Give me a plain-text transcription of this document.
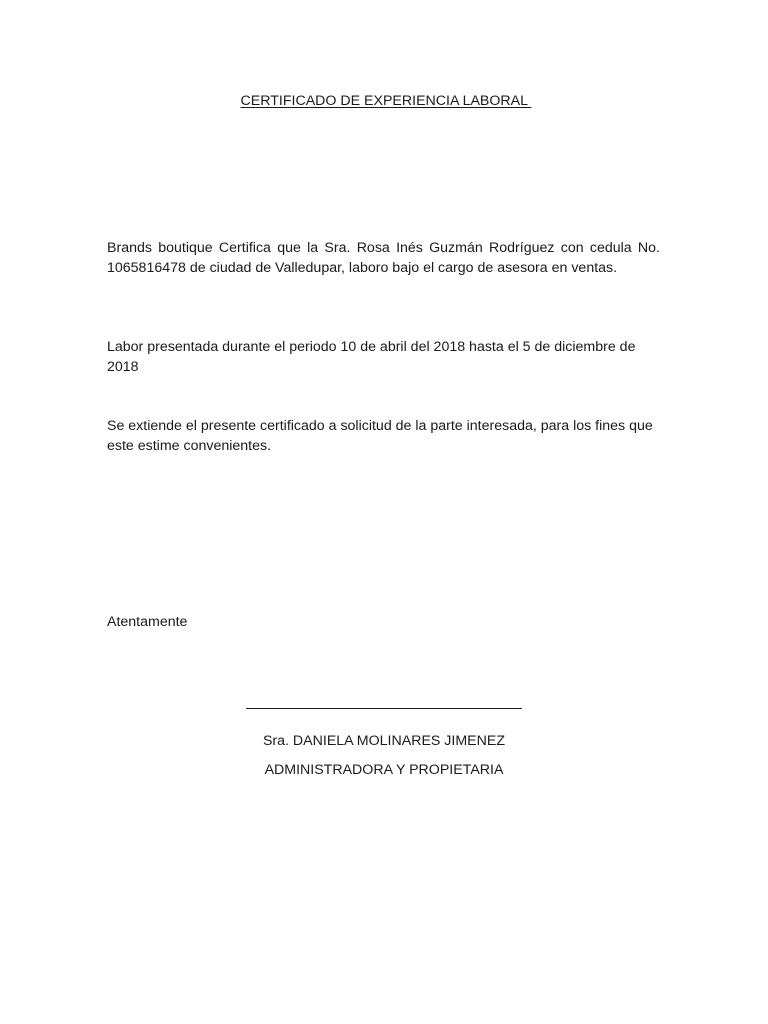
CERTIFICADO DE EXPERIENCIA LABORAL

Brands boutique Certifica que la Sra. Rosa Inés Guzmán Rodríguez con cedula No. 1065816478 de ciudad de Valledupar, laboro bajo el cargo de asesora en ventas.

Labor presentada durante el periodo 10 de abril del 2018 hasta el 5 de diciembre de 2018

Se extiende el presente certificado a solicitud de la parte interesada, para los fines que este estime convenientes.

Atentamente

Sra. DANIELA MOLINARES JIMENEZ

ADMINISTRADORA Y PROPIETARIA
